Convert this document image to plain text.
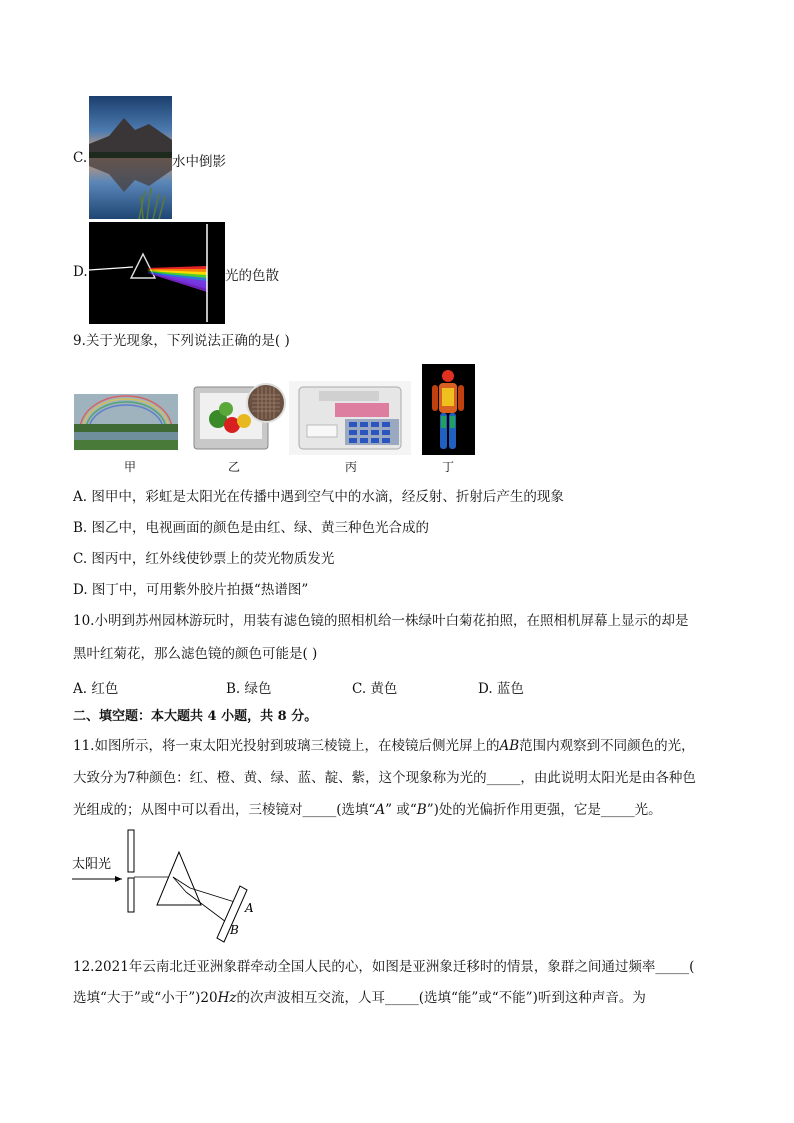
C.	水中倒影
D.	光的色散
9.关于光现象，下列说法正确的是( )
甲	乙	丙	丁
A. 图甲中，彩虹是太阳光在传播中遇到空气中的水滴，经反射、折射后产生的现象
B. 图乙中，电视画面的颜色是由红、绿、黄三种色光合成的
C. 图丙中，红外线使钞票上的荧光物质发光
D. 图丁中，可用紫外胶片拍摄“热谱图”
10.小明到苏州园林游玩时，用装有滤色镜的照相机给一株绿叶白菊花拍照，在照相机屏幕上显示的却是
黑叶红菊花，那么滤色镜的颜色可能是( )
A. 红色	B. 绿色	C. 黄色	D. 蓝色
二、填空题：本大题共 4 小题，共 8 分。
11.如图所示，将一束太阳光投射到玻璃三棱镜上，在棱镜后侧光屏上的AB范围内观察到不同颜色的光，
大致分为7种颜色：红、橙、黄、绿、蓝、靛、紫，这个现象称为光的_____，由此说明太阳光是由各种色
光组成的；从图中可以看出，三棱镜对_____(选填“A” 或“B”)处的光偏折作用更强，它是_____光。
太阳光
A
B
12.2021年云南北迁亚洲象群牵动全国人民的心，如图是亚洲象迁移时的情景，象群之间通过频率_____(
选填“大于”或“小于”)20Hz的次声波相互交流，人耳_____(选填“能”或“不能”)听到这种声音。为
